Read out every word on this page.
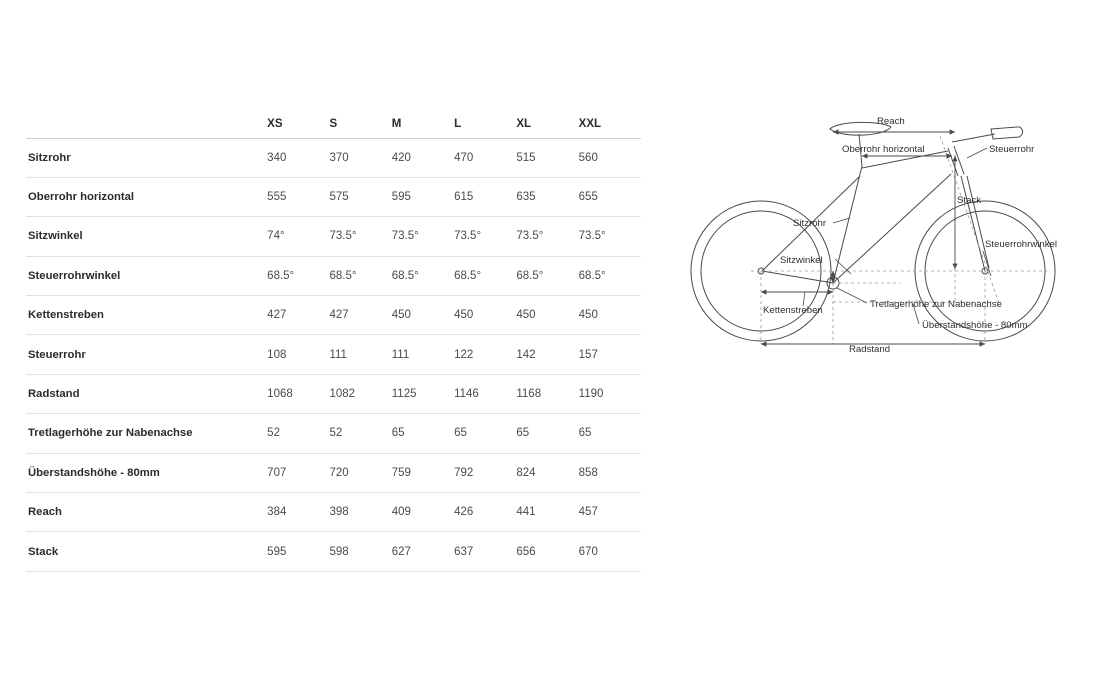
	XS	S	M	L	XL	XXL
Sitzrohr	340	370	420	470	515	560
Oberrohr horizontal	555	575	595	615	635	655
Sitzwinkel	74°	73.5°	73.5°	73.5°	73.5°	73.5°
Steuerrohrwinkel	68.5°	68.5°	68.5°	68.5°	68.5°	68.5°
Kettenstreben	427	427	450	450	450	450
Steuerrohr	108	111	111	122	142	157
Radstand	1068	1082	1125	1146	1168	1190
Tretlagerhöhe zur Nabenachse	52	52	65	65	65	65
Überstandshöhe - 80mm	707	720	759	792	824	858
Reach	384	398	409	426	441	457
Stack	595	598	627	637	656	670
Reach
Oberrohr horizontal	Steuerrohr
Stack
Sitzrohr
Sitzwinkel
Steuerrohrwinkel
Kettenstreben
Tretlagerhöhe zur Nabenachse
Überstandshöhe - 80mm
Radstand
